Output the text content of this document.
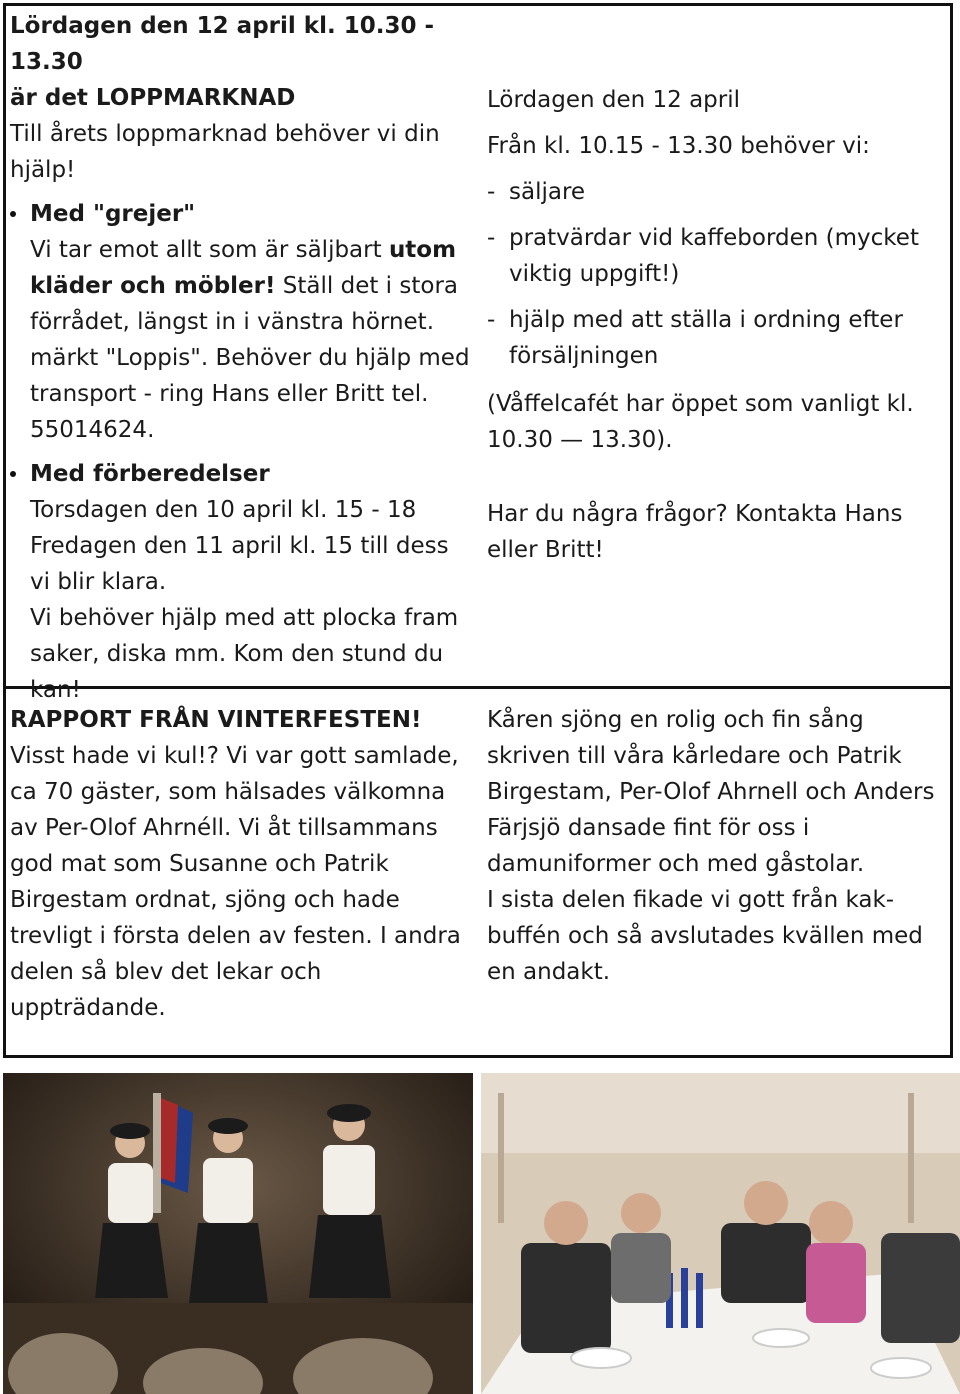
Lördagen den 12 april kl. 10.30 - 13.30

är det LOPPMARKNAD

Till årets loppmarknad behöver vi din hjälp!

Med "grejer"

Vi tar emot allt som är säljbart utom kläder och möbler! Ställ det i stora förrådet, längst in i vänstra hörnet. märkt "Loppis". Behöver du hjälp med transport - ring Hans eller Britt tel. 55014624.

Med förberedelser

Torsdagen den 10 april kl. 15 - 18

Fredagen den 11 april kl. 15 till dess vi blir klara.

Vi behöver hjälp med att plocka fram saker, diska mm. Kom den stund du kan!

Lördagen den 12 april

Från kl. 10.15 - 13.30 behöver vi:

- säljare
- pratvärdar vid kaffeborden (mycket viktig uppgift!)
- hjälp med att ställa i ordning efter försäljningen

(Våffelcafét har öppet som vanligt kl. 10.30 — 13.30).

Har du några frågor? Kontakta Hans eller Britt!

RAPPORT FRÅN VINTERFESTEN!

Visst hade vi kul!? Vi var gott samlade, ca 70 gäster, som hälsades välkomna av Per-Olof Ahrnéll. Vi åt tillsammans god mat som Susanne och Patrik Birgestam ordnat, sjöng och hade trevligt i första delen av festen. I andra delen så blev det lekar och uppträdande.

Kåren sjöng en rolig och fin sång skriven till våra kårledare och Patrik Birgestam, Per-Olof Ahrnell och Anders Färjsjö dansade fint för oss i damuniformer och med gåstolar.

I sista delen fikade vi gott från kak-buffén och så avslutades kvällen med en andakt.
